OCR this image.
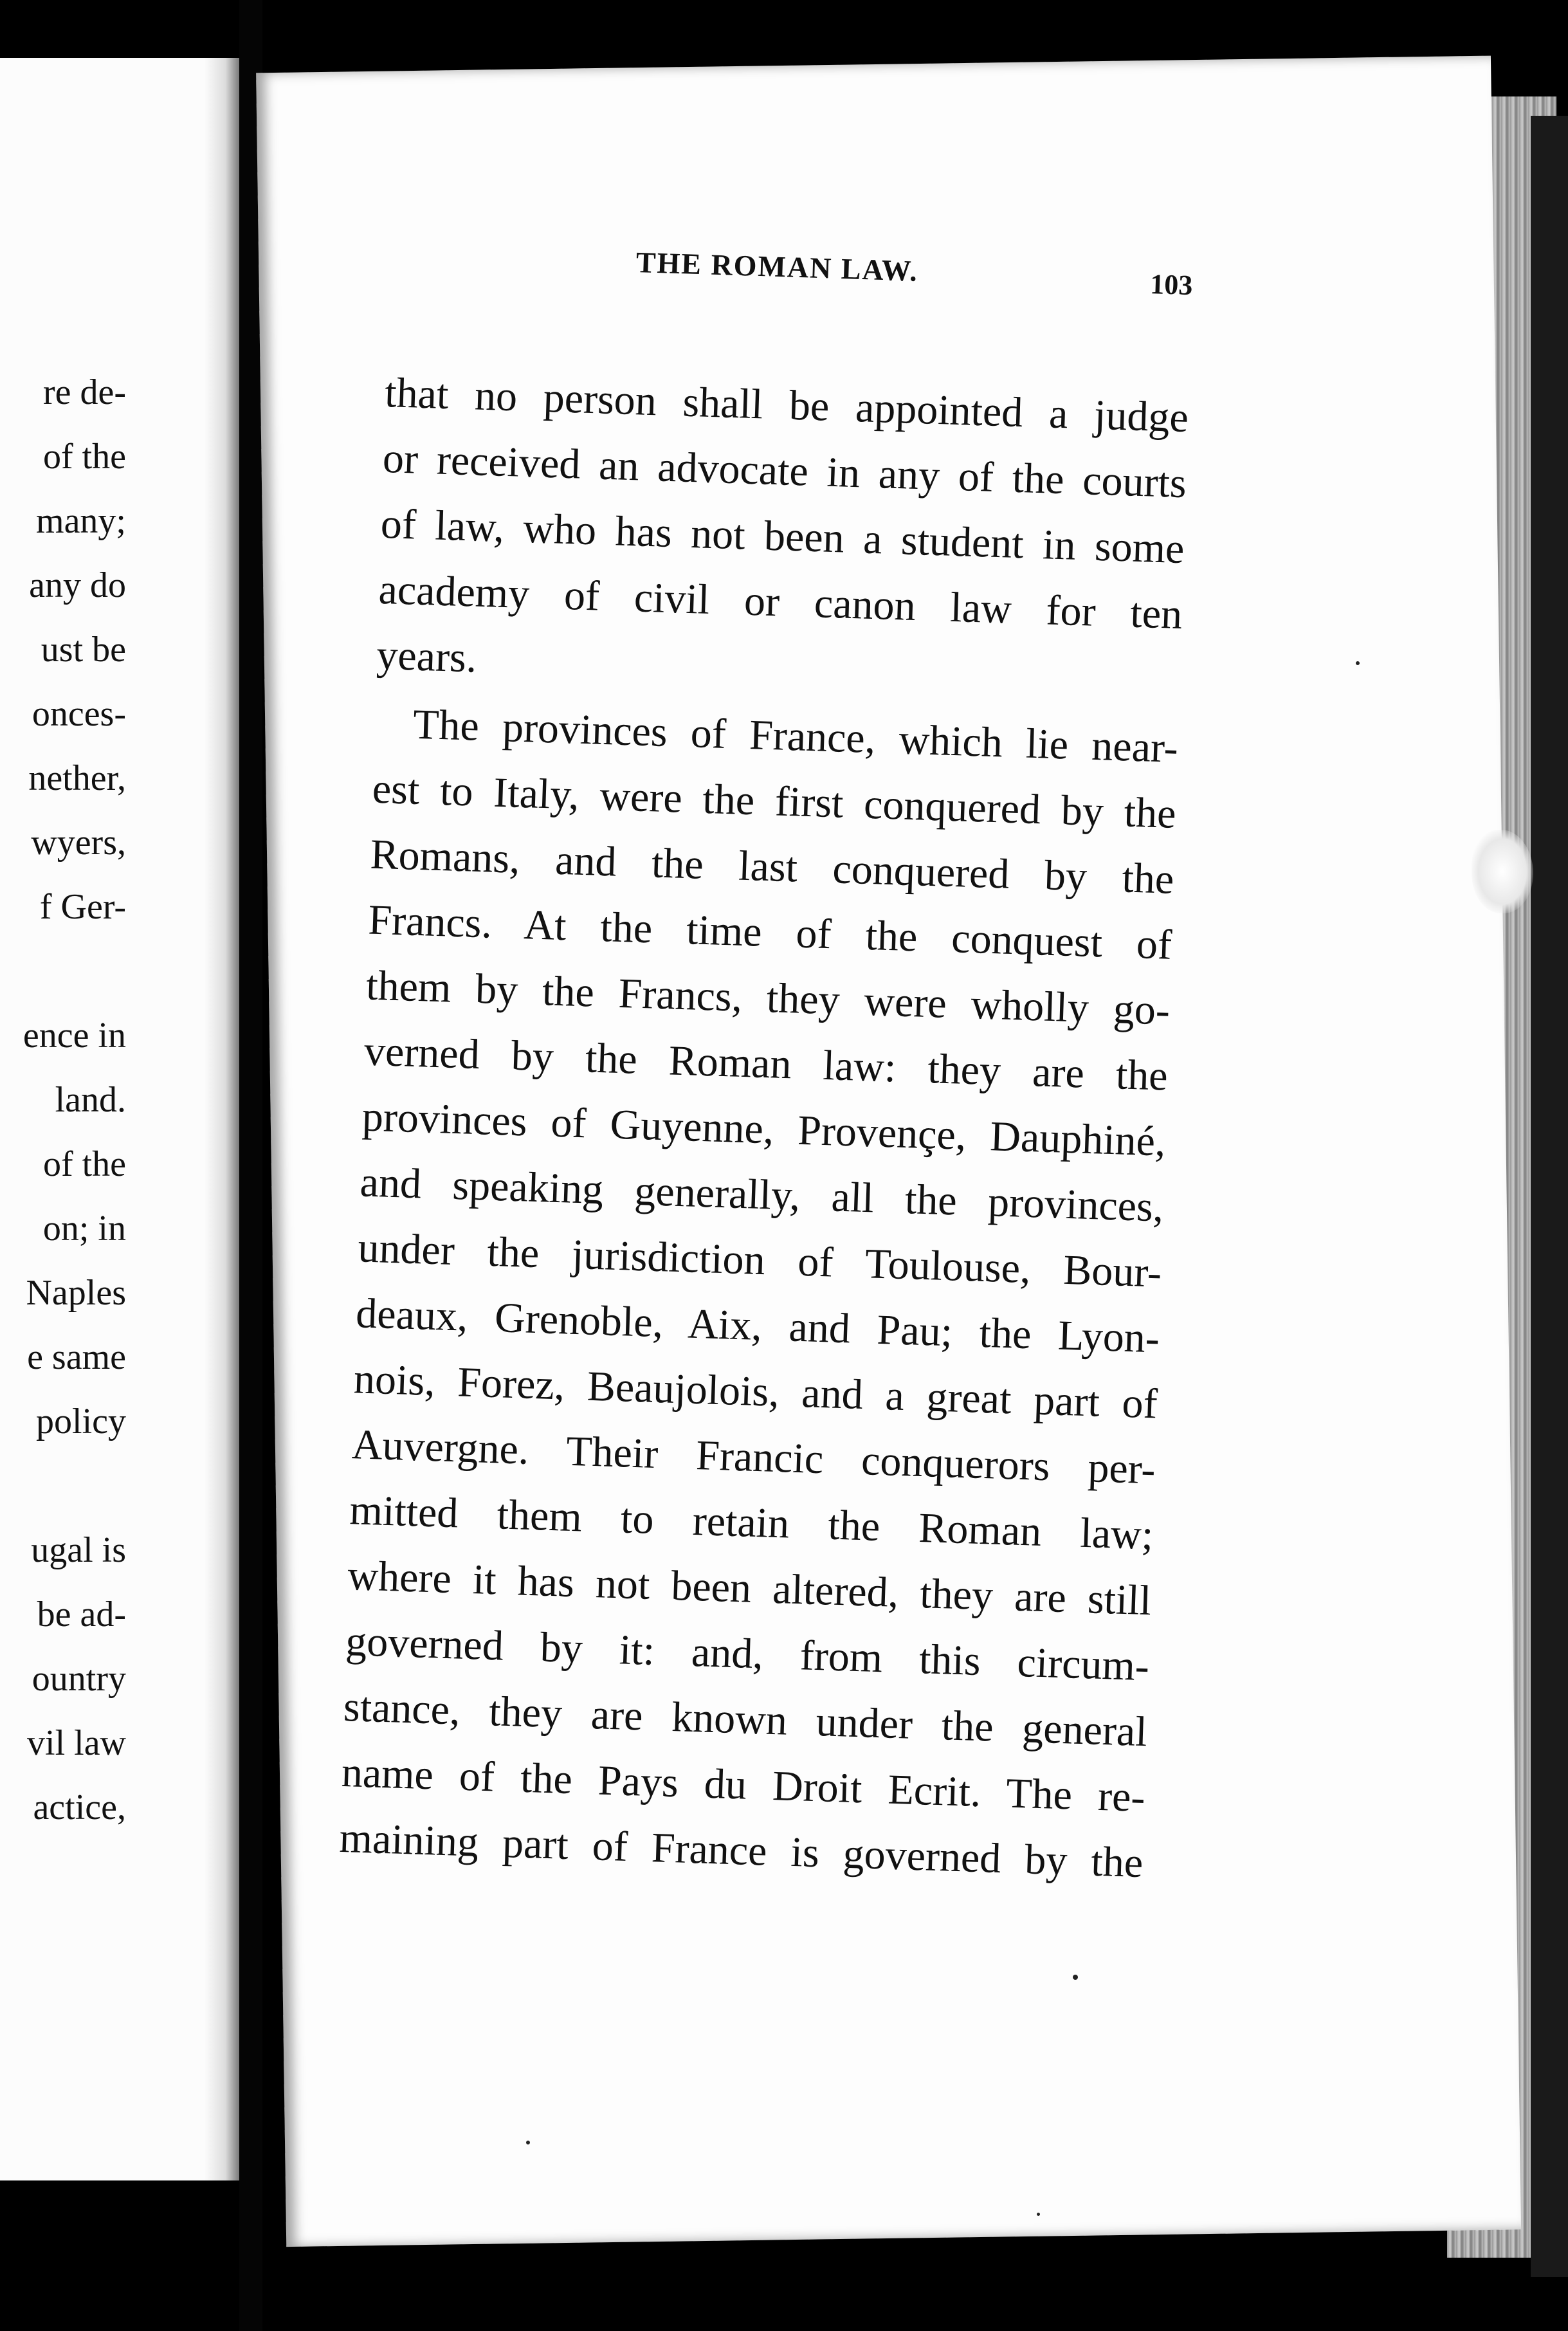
re de-
of the
many;
any do
ust be
onces-
nether,
wyers,
f Ger-
ence in
land.
of the
on; in
Naples
e same
policy
ugal is
be ad-
ountry
vil law
actice,
THE ROMAN LAW.	103
that no person shall be appointed a judge
or received an advocate in any of the courts
of law, who has not been a student in some
academy of civil or canon law for ten
years.
The provinces of France, which lie near-
est to Italy, were the first conquered by the
Romans, and the last conquered by the
Francs. At the time of the conquest of
them by the Francs, they were wholly go-
verned by the Roman law: they are the
provinces of Guyenne, Provençe, Dauphiné,
and speaking generally, all the provinces,
under the jurisdiction of Toulouse, Bour-
deaux, Grenoble, Aix, and Pau; the Lyon-
nois, Forez, Beaujolois, and a great part of
Auvergne. Their Francic conquerors per-
mitted them to retain the Roman law;
where it has not been altered, they are still
governed by it: and, from this circum-
stance, they are known under the general
name of the Pays du Droit Ecrit. The re-
maining part of France is governed by the
